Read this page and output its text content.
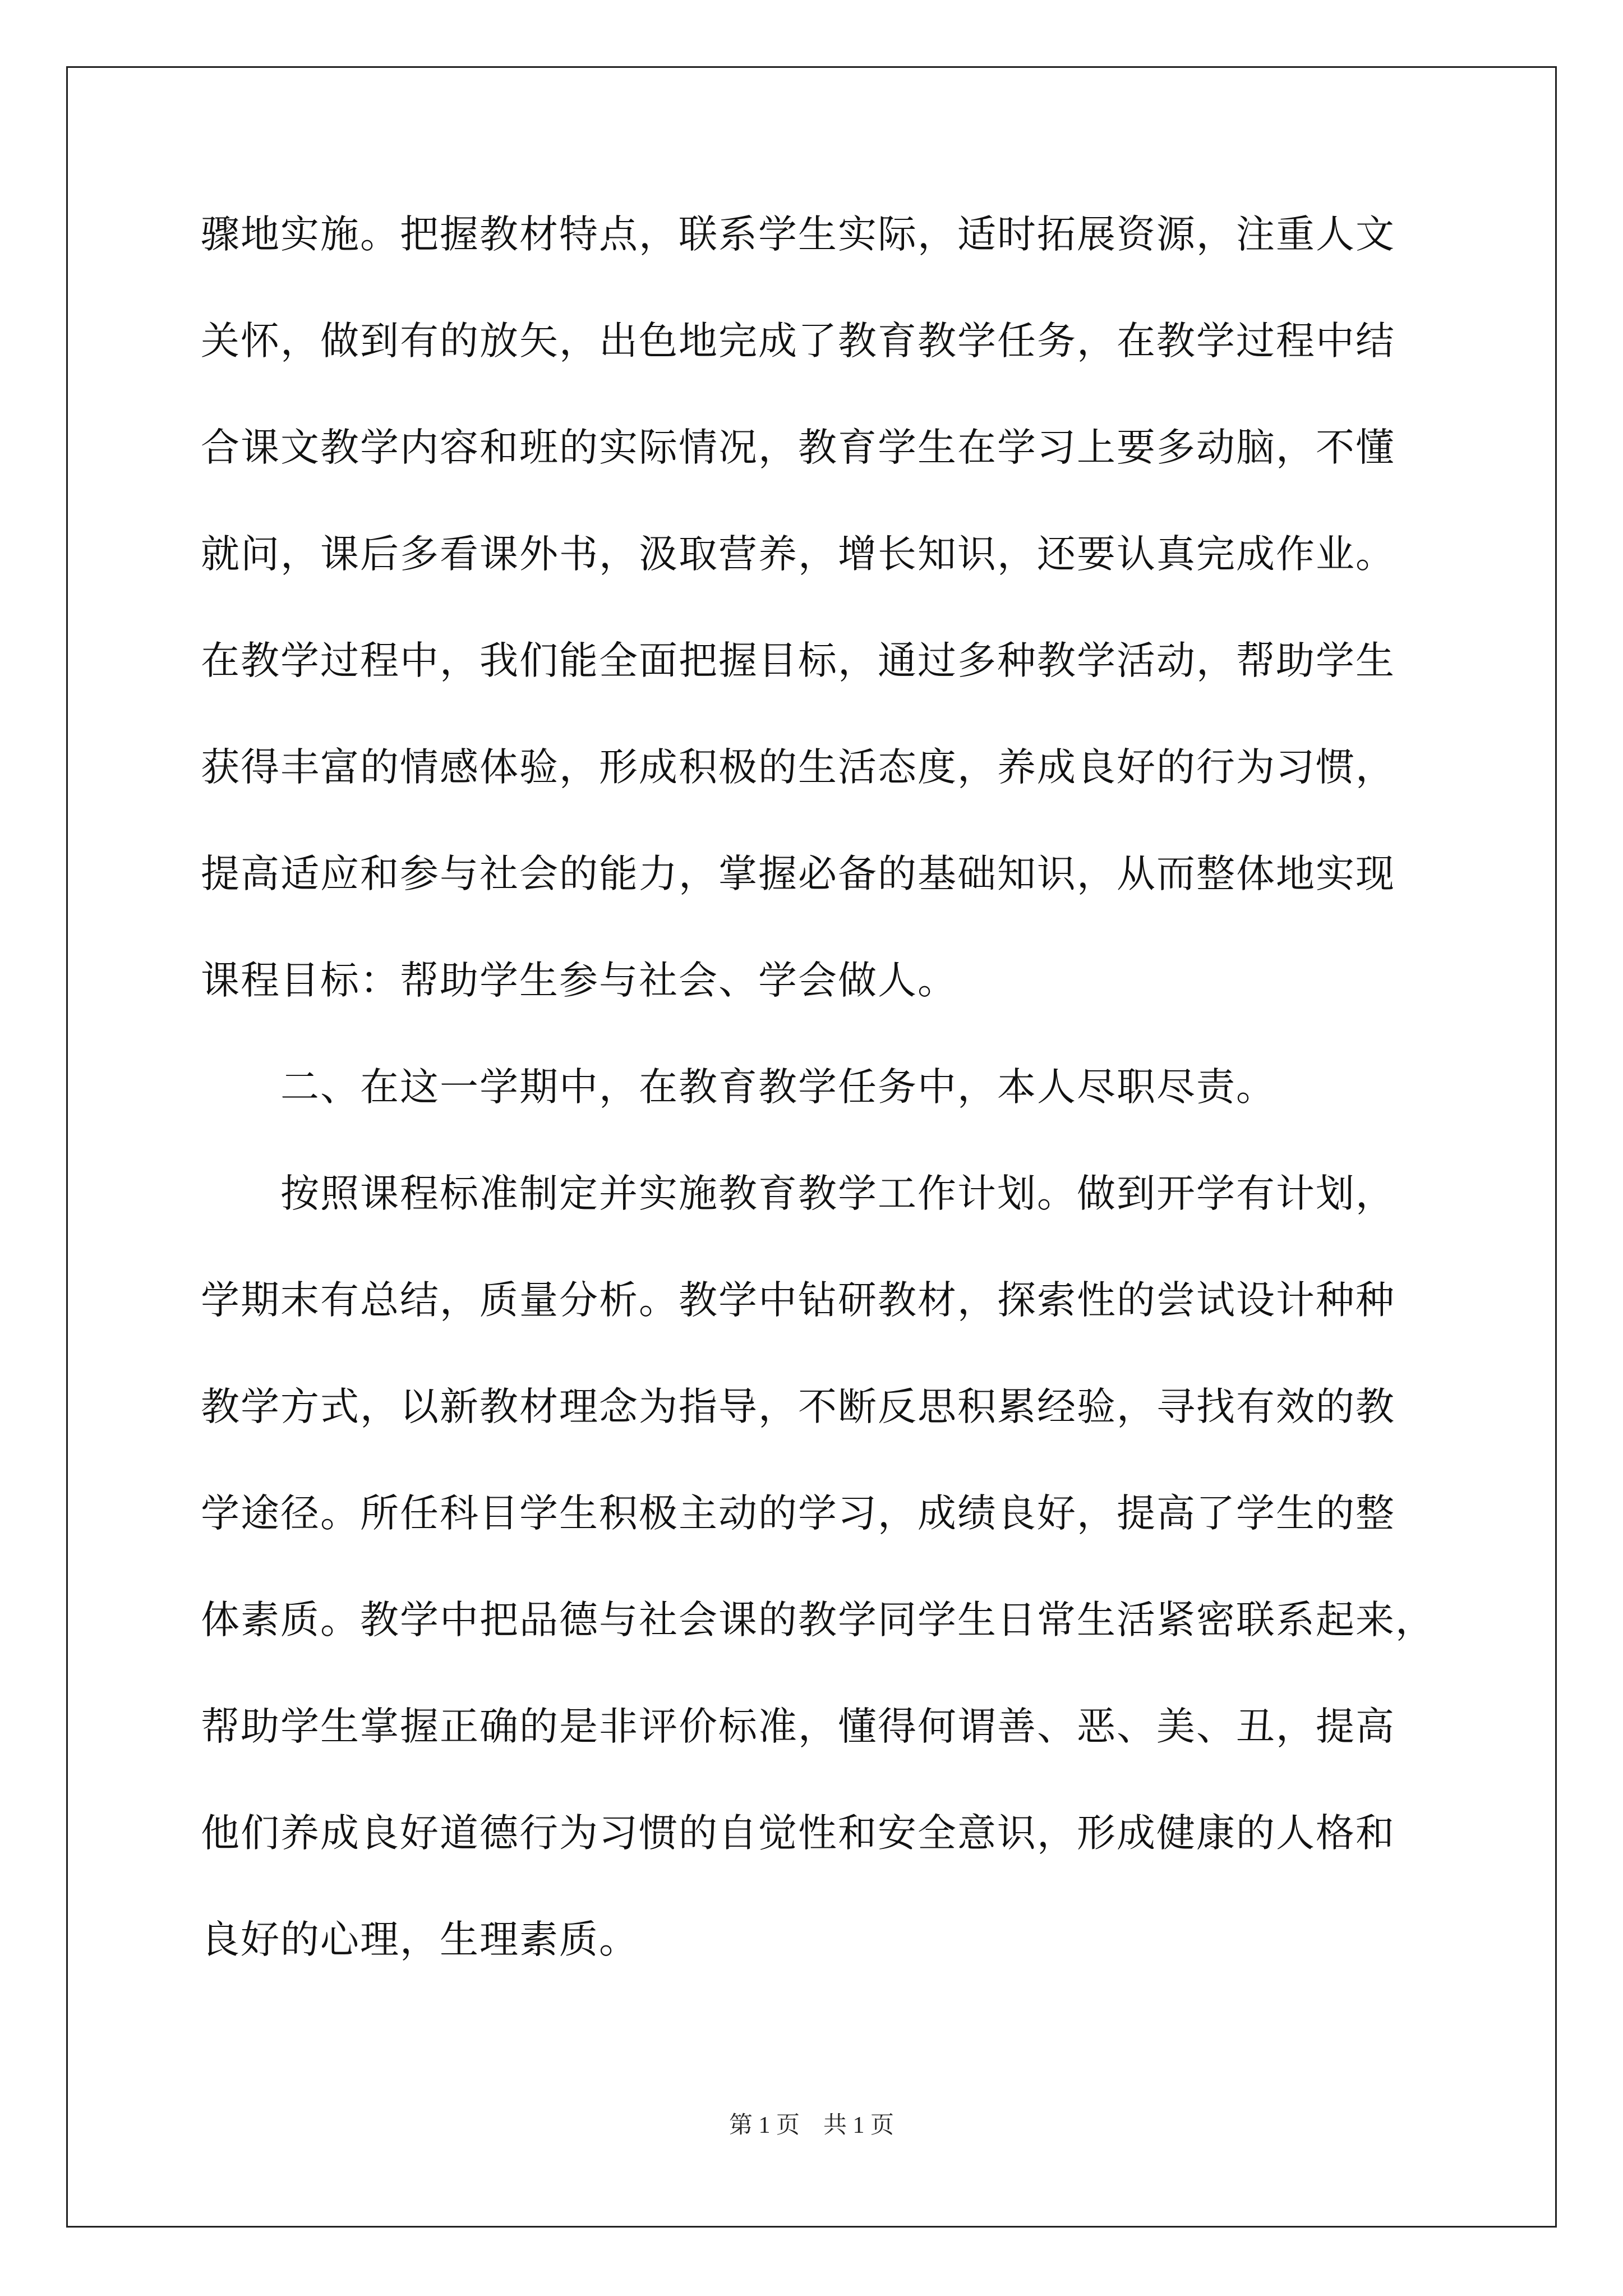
骤地实施。把握教材特点，联系学生实际，适时拓展资源，注重人文
关怀，做到有的放矢，出色地完成了教育教学任务，在教学过程中结
合课文教学内容和班的实际情况，教育学生在学习上要多动脑，不懂
就问，课后多看课外书，汲取营养，增长知识，还要认真完成作业。
在教学过程中，我们能全面把握目标，通过多种教学活动，帮助学生
获得丰富的情感体验，形成积极的生活态度，养成良好的行为习惯，
提高适应和参与社会的能力，掌握必备的基础知识，从而整体地实现
课程目标：帮助学生参与社会、学会做人。
　　二、在这一学期中，在教育教学任务中，本人尽职尽责。
　　按照课程标准制定并实施教育教学工作计划。做到开学有计划，
学期末有总结，质量分析。教学中钻研教材，探索性的尝试设计种种
教学方式，以新教材理念为指导，不断反思积累经验，寻找有效的教
学途径。所任科目学生积极主动的学习，成绩良好，提高了学生的整
体素质。教学中把品德与社会课的教学同学生日常生活紧密联系起来，
帮助学生掌握正确的是非评价标准，懂得何谓善、恶、美、丑，提高
他们养成良好道德行为习惯的自觉性和安全意识，形成健康的人格和
良好的心理，生理素质。
第 1 页　共 1 页
